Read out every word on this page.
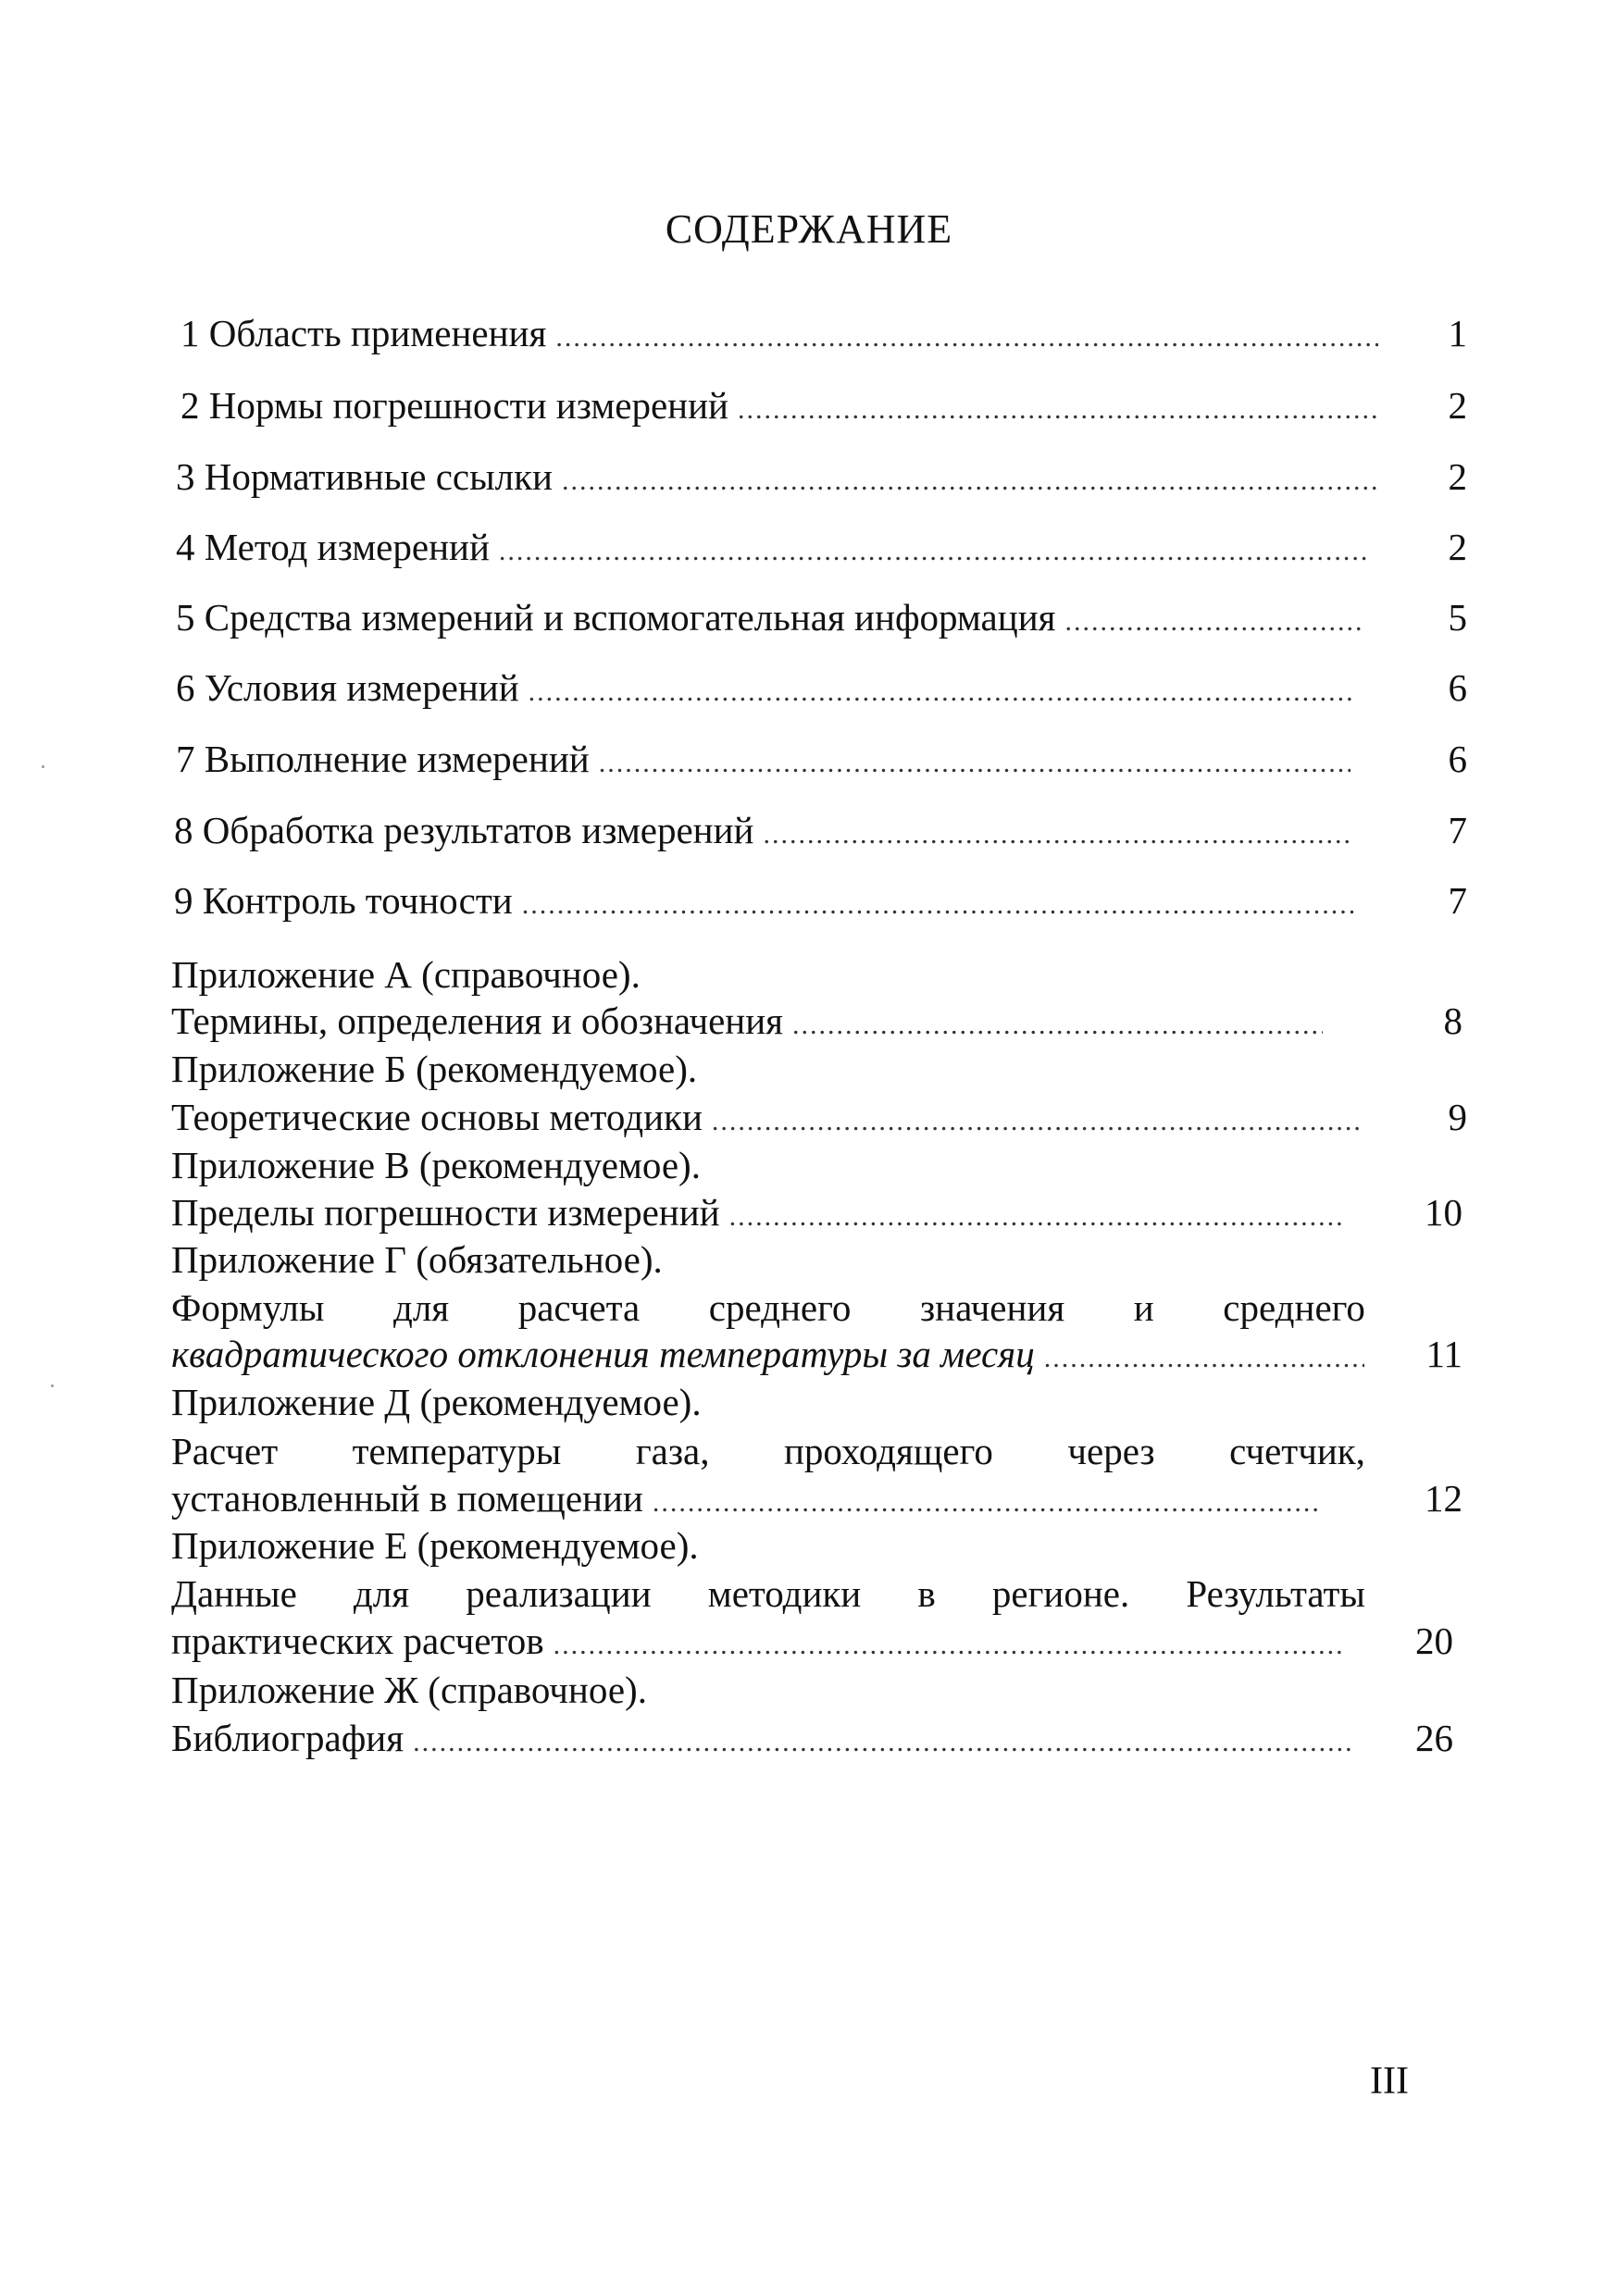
СОДЕРЖАНИЕ
1 Область применения .....	1
2 Нормы погрешности измерений .....	2
3 Нормативные ссылки .....	2
4 Метод измерений .....	2
5 Средства измерений и вспомогательная информация .....	5
6 Условия измерений .....	6
7 Выполнение измерений .....	6
8 Обработка результатов измерений .....	7
9 Контроль точности .....	7
Приложение А (справочное).
Термины, определения и обозначения .....	8
Приложение Б (рекомендуемое).
Теоретические основы методики .....	9
Приложение В (рекомендуемое).
Пределы погрешности измерений .....	10
Приложение Г (обязательное).
Формулы для расчета среднего значения и среднего
квадратического отклонения температуры за месяц .....	11
Приложение Д (рекомендуемое).
Расчет температуры газа, проходящего через счетчик,
установленный в помещении .....	12
Приложение Е (рекомендуемое).
Данные для реализации методики в регионе. Результаты
практических расчетов .....	20
Приложение Ж (справочное).
Библиография .....	26
III
